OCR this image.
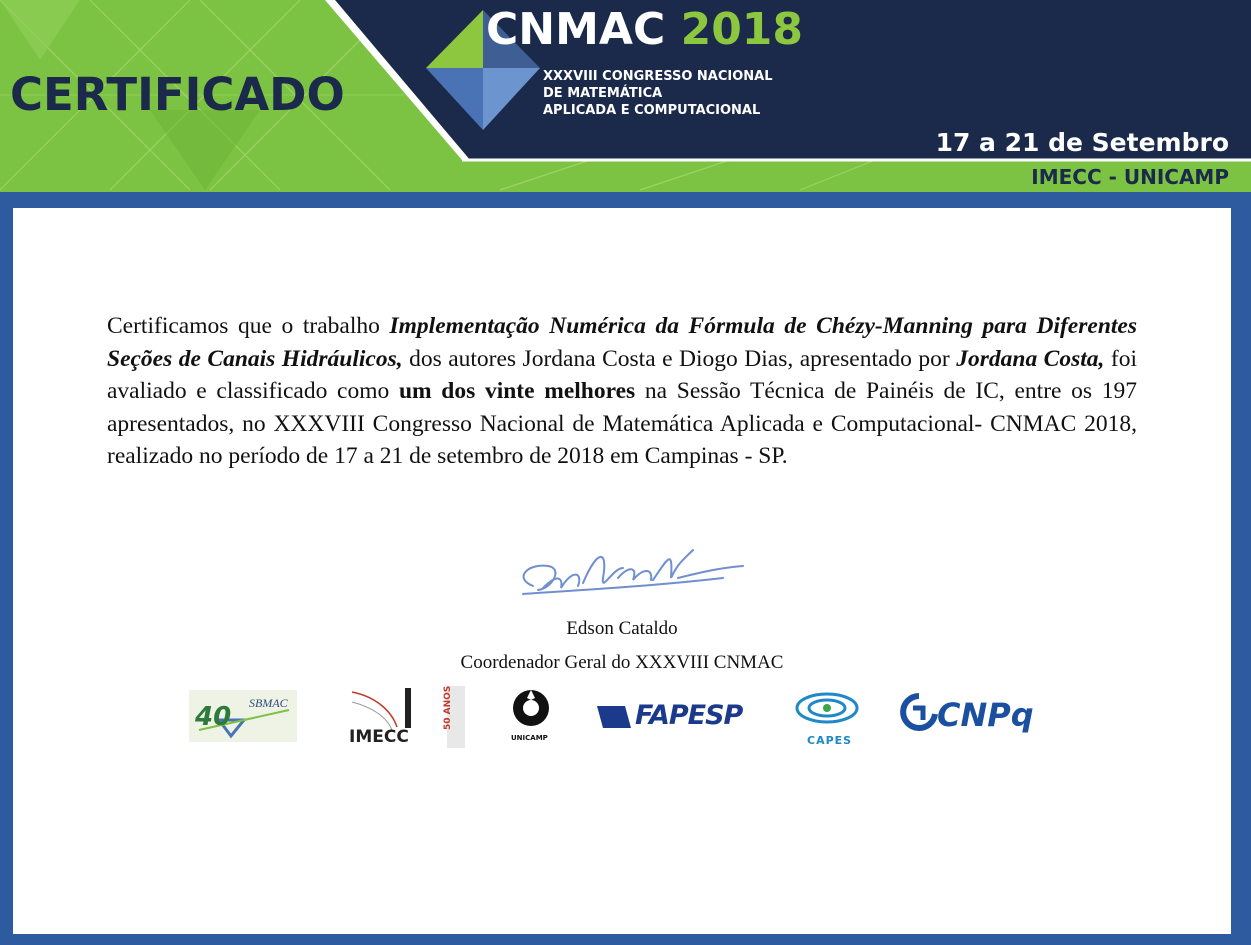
CERTIFICADO
CNMAC 2018
XXXVIII CONGRESSO NACIONAL
DE MATEMÁTICA
APLICADA E COMPUTACIONAL
17 a 21 de Setembro
IMECC - UNICAMP
Certificamos que o trabalho Implementação Numérica da Fórmula de Chézy-Manning para Diferentes Seções de Canais Hidráulicos, dos autores Jordana Costa e Diogo Dias, apresentado por Jordana Costa, foi avaliado e classificado como um dos vinte melhores na Sessão Técnica de Painéis de IC, entre os 197 apresentados, no XXXVIII Congresso Nacional de Matemática Aplicada e Computacional- CNMAC 2018, realizado no período de 17 a 21 de setembro de 2018 em Campinas - SP.
Edson Cataldo
Coordenador Geral do XXXVIII CNMAC
40 SBMAC
IMECC
50 ANOS
UNICAMP
FAPESP
CAPES
CNPq
